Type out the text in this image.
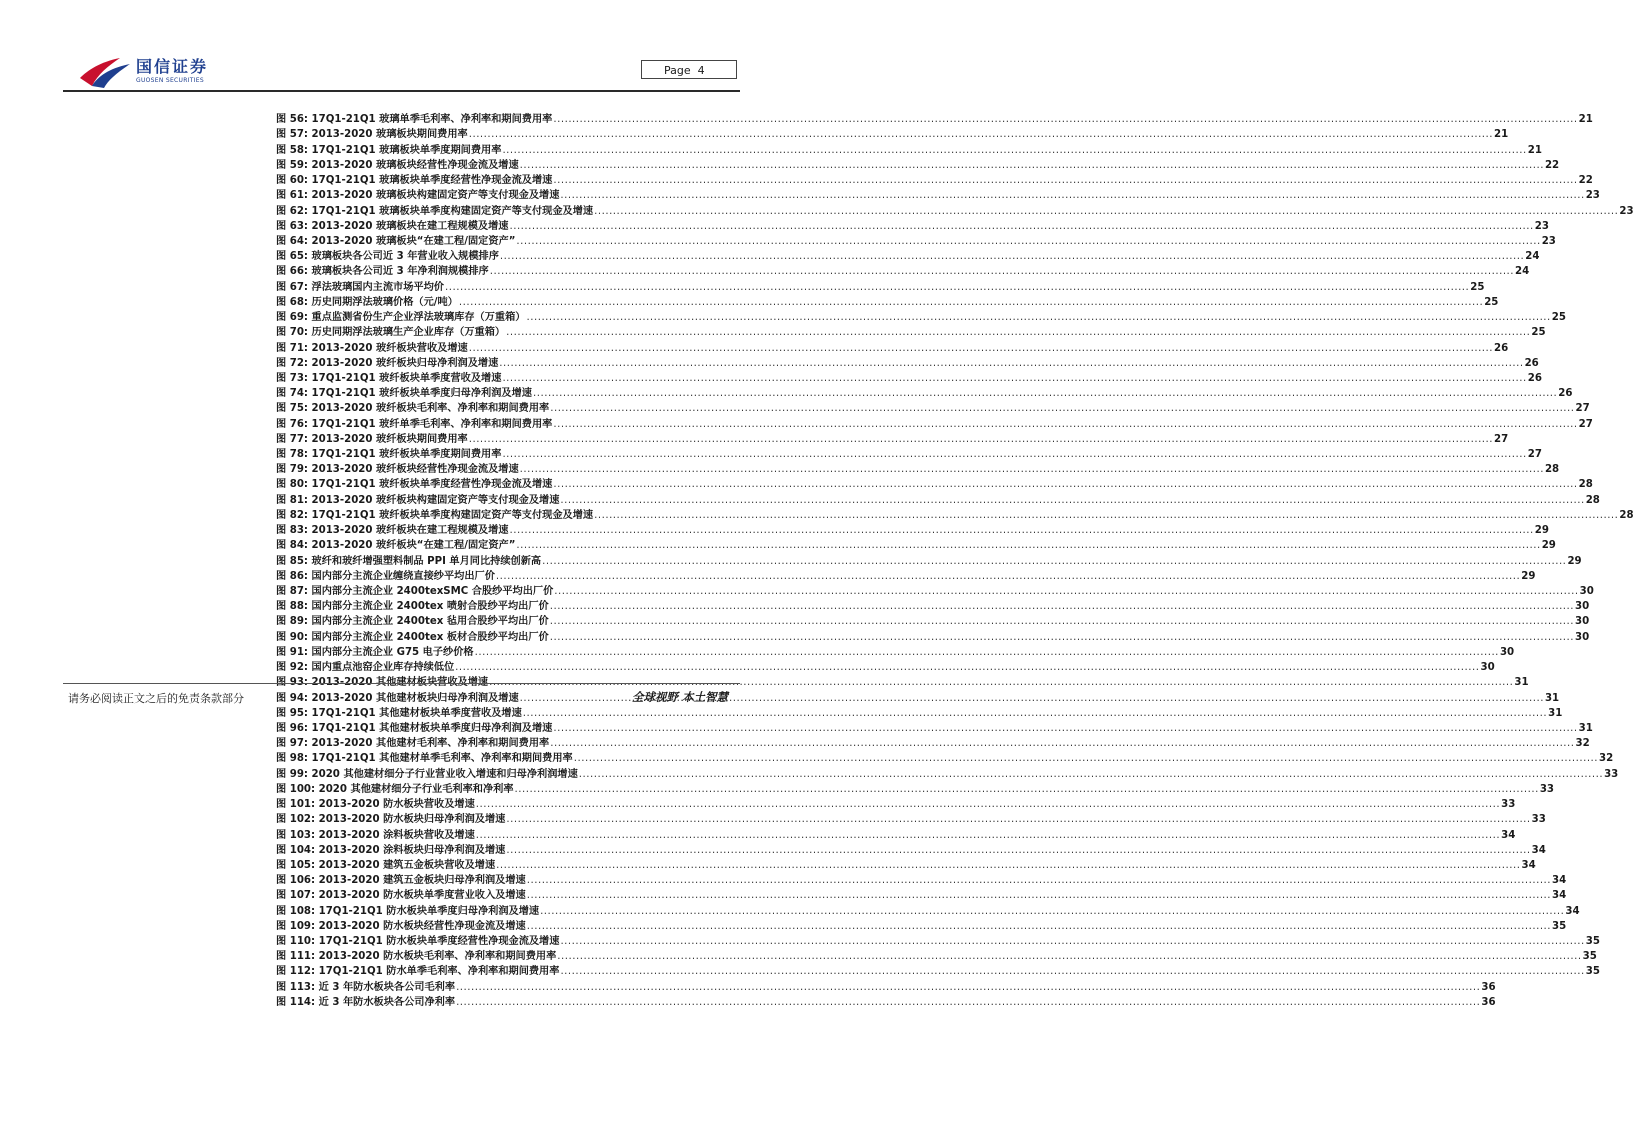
国信证券
GUOSEN SECURITIES
Page 4
图 56: 17Q1-21Q1 玻璃单季毛利率、净利率和期间费用率 .....	21
图 57: 2013-2020 玻璃板块期间费用率 .....	21
图 58: 17Q1-21Q1 玻璃板块单季度期间费用率 .....	21
图 59: 2013-2020 玻璃板块经营性净现金流及增速 .....	22
图 60: 17Q1-21Q1 玻璃板块单季度经营性净现金流及增速 .....	22
图 61: 2013-2020 玻璃板块构建固定资产等支付现金及增速 .....	23
图 62: 17Q1-21Q1 玻璃板块单季度构建固定资产等支付现金及增速 .....	23
图 63: 2013-2020 玻璃板块在建工程规模及增速 .....	23
图 64: 2013-2020 玻璃板块“在建工程/固定资产” .....	23
图 65: 玻璃板块各公司近 3 年营业收入规模排序 .....	24
图 66: 玻璃板块各公司近 3 年净利润规模排序 .....	24
图 67: 浮法玻璃国内主流市场平均价 .....	25
图 68: 历史同期浮法玻璃价格（元/吨） .....	25
图 69: 重点监测省份生产企业浮法玻璃库存（万重箱） .....	25
图 70: 历史同期浮法玻璃生产企业库存（万重箱） .....	25
图 71: 2013-2020 玻纤板块营收及增速 .....	26
图 72: 2013-2020 玻纤板块归母净利润及增速 .....	26
图 73: 17Q1-21Q1 玻纤板块单季度营收及增速 .....	26
图 74: 17Q1-21Q1 玻纤板块单季度归母净利润及增速 .....	26
图 75: 2013-2020 玻纤板块毛利率、净利率和期间费用率 .....	27
图 76: 17Q1-21Q1 玻纤单季毛利率、净利率和期间费用率 .....	27
图 77: 2013-2020 玻纤板块期间费用率 .....	27
图 78: 17Q1-21Q1 玻纤板块单季度期间费用率 .....	27
图 79: 2013-2020 玻纤板块经营性净现金流及增速 .....	28
图 80: 17Q1-21Q1 玻纤板块单季度经营性净现金流及增速 .....	28
图 81: 2013-2020 玻纤板块构建固定资产等支付现金及增速 .....	28
图 82: 17Q1-21Q1 玻纤板块单季度构建固定资产等支付现金及增速 .....	28
图 83: 2013-2020 玻纤板块在建工程规模及增速 .....	29
图 84: 2013-2020 玻纤板块“在建工程/固定资产” .....	29
图 85: 玻纤和玻纤增强塑料制品 PPI 单月同比持续创新高 .....	29
图 86: 国内部分主流企业缠绕直接纱平均出厂价 .....	29
图 87: 国内部分主流企业 2400texSMC 合股纱平均出厂价 .....	30
图 88: 国内部分主流企业 2400tex 喷射合股纱平均出厂价 .....	30
图 89: 国内部分主流企业 2400tex 毡用合股纱平均出厂价 .....	30
图 90: 国内部分主流企业 2400tex 板材合股纱平均出厂价 .....	30
图 91: 国内部分主流企业 G75 电子纱价格 .....	30
图 92: 国内重点池窑企业库存持续低位 .....	30
图 93: 2013-2020 其他建材板块营收及增速 .....	31
图 94: 2013-2020 其他建材板块归母净利润及增速 .....	31
图 95: 17Q1-21Q1 其他建材板块单季度营收及增速 .....	31
图 96: 17Q1-21Q1 其他建材板块单季度归母净利润及增速 .....	31
图 97: 2013-2020 其他建材毛利率、净利率和期间费用率 .....	32
图 98: 17Q1-21Q1 其他建材单季毛利率、净利率和期间费用率 .....	32
图 99: 2020 其他建材细分子行业营业收入增速和归母净利润增速 .....	33
图 100: 2020 其他建材细分子行业毛利率和净利率 .....	33
图 101: 2013-2020 防水板块营收及增速 .....	33
图 102: 2013-2020 防水板块归母净利润及增速 .....	33
图 103: 2013-2020 涂料板块营收及增速 .....	34
图 104: 2013-2020 涂料板块归母净利润及增速 .....	34
图 105: 2013-2020 建筑五金板块营收及增速 .....	34
图 106: 2013-2020 建筑五金板块归母净利润及增速 .....	34
图 107: 2013-2020 防水板块单季度营业收入及增速 .....	34
图 108: 17Q1-21Q1 防水板块单季度归母净利润及增速 .....	34
图 109: 2013-2020 防水板块经营性净现金流及增速 .....	35
图 110: 17Q1-21Q1 防水板块单季度经营性净现金流及增速 .....	35
图 111: 2013-2020 防水板块毛利率、净利率和期间费用率 .....	35
图 112: 17Q1-21Q1 防水单季毛利率、净利率和期间费用率 .....	35
图 113: 近 3 年防水板块各公司毛利率 .....	36
图 114: 近 3 年防水板块各公司净利率 .....	36
请务必阅读正文之后的免责条款部分	全球视野 本土智慧
